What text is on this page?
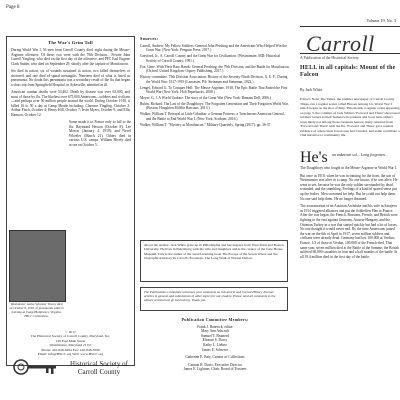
Page 8
The War's Grim Toll

During World War I, 56 men from Carroll County died, eight during the Meuse-Argonne offensive. Of these, two were with the 79th Division... Private John Carroll Yingling, who died on the first day of the offensive, and PFC Earl Eugene Clark Snider, who died on September 29, shortly after the capture of Montfaucon.

Six died in action, six of wounds sustained in action, two killed themselves or drowned, and one died of spinal meningitis. Nineteen died of what is listed as pneumonia. No doubt this pneumonia was a secondary result of the flu that began a short trip from Springfield Hospital, in Sykesville, admitted as ill.

American combat deaths were 53,402. Death by disease was over 63,000, and most of those by flu. The likeliest over 675,000 Americans—soldiers and civilians—and perhaps over 50 million people around the world. During October 1918, it killed 16 to 50 a day at Camp Meade including: Clarence Yingling, October 2; Arthur Finch, October 4; Henry Hill, October 7; Irvin Myers, October 9; and Ellis Harmon, October 12.

Some made it to France only to fall to the flu: Raymond Hesson (October 8); Lee Mercer (January 4, 1919); and Nevel Wheeler (March 21). Others died in various U.S. camps. William Hively died at sea on October 5.

Westminster native Sylvester Tracey died on October 6, 1918, of pneumonia while in training at Camp Humphreys, Virginia. HSCC Collections.
© 2017
The Historical Society of Carroll County, Maryland, Inc.
210 East Main Street
Westminster, Maryland 21157
Phone: 410-848-6494 Fax: 410-848-3596
Email: info@HSCC.org Web: www.HSCC.org
Historical Society of Carroll County
Sources:
Carroll, Andrew. My Fellow Soldiers: General John Pershing and the Americans Who Helped Win the Great War. (New York: Penguin Press, 2017.)
Grayford, Jr., A. Carroll County and the Great War for Civilization. (Westminster, MD: Historical Society of Carroll County, 1991.)
Fax, Gene. With Their Bare Hands: General Pershing, the 79th Division, and the Battle for Montfaucon. (Oxford, United Kingdom: Osprey Publishing, 2017.)
History committee. 79th Division Association. History of the Seventy-Ninth Division, A. E. F., During the World War: 1917-1919 (Lancaster, PA: Steinman and Steinman, 1922.)
Lengel, Edward G. To Conquer Hell: The Meuse-Argonne, 1918, The Epic Battle That Ended the First World War (New York: Holt Paperbacks, 2008.)
Meyer, G. J. A World Undone: The story of the Great War (New York: Bantam Dell, 2006.)
Rubin, Richard. The Last of the Doughboys: The Forgotten Generation and Their Forgotten World War. (Boston: Houghton Mifflin Harcourt, 2013.)
Walker, William T. Betrayal at Little Gibraltar: a German Fortress, a Treacherous American General, and the Battle to End World War I. (New York: Scribner, 2016.)
Walker, William T. "Mystery at Montfaucon." Military Quarterly, Spring (2017): pp. 36-37.
About the Author: Jack White grew up in Philadelphia and has degrees from West Point and Boston University. He lives in Eldersburg with his wife and daughters and is the curator of the Gate House Museum. Jack is the author of the award-winning book The Escape of the Seven Wives and the biographical history In Carroll's Footsteps, The Long Walk of Warren Dutton.
The Publications Committee welcomes your comments on this article and Carroll History Journal articles in general and submissions of other topics for our readers. Please send all comments to the editors at historical @ hsccmd.org. Thank you.
Publication Committee Members:
Frank J. Batavick, editor
Mary Ann Ashcraft
Samuel T. Brainerd
Eleanor S. Darcy
Kathy L. Liebno
James E. Schwerz
Catherine E. Baty, Curator of Collections
Cannon R. Davis, Executive Director
James E. Lightner, Chair, Board of Trustees
Volume 19, No. 3
Carroll
A Publication of the Historical Society
HELL in all capitals: Mount of the Falcon
By Jack White
Editor's Note: The Times, the premier newspaper of Carroll County Times, ran a regular series called Heroes Among Us. World War I which began on the first of May. This month, a regular event appearing on page 3, the columns of Jack White's 'Forward and There' showcased soldiers' letters to their hometown's patients and local men. Others were likely not among those fortunate heroes; many returned from 'Forward and There' with the flu. 'Forward and There' gave readers evidence of where their loved ones had traveled, and some contribute a vital narrative to community life.
He's $^{an unknown sol... Long forgotten...}$

The Doughboys who fought in the Meuse-Argonne in World War I.

But once in 1918, when he was in training for the front, the son of Westminster was alive in a camp. No one knows if he was alive. He went to see, because he was the only soldier surrounded by dead, wounded, and the stumbling. Feelings of a kind of spared sense put up the bodies. Men screamed for help. But he could not help them. No one said help them. He no longer dreamed.

The assassination of an Austrian Archduke and his wife in Sarajevo in 1914 triggered alliances and put the Schlieffen Plan to France. After the war began, the French, Russians, French, and British were fighting in the east against Germany, Austria-Hungary, and the Ottoman Turkey in a war that started quickly but had a lot of losses. No one thought it would never end. By the time Americans joined the war on the 6th of April in 1917, seven million soldiers and civilians were already dead. Germany had lost 100,000 at Verdun; France, 1/3 of those at Verdun, 100,000 of the French died. That same year, seven million died at the Battle of the Somme; the British suffered 60,000 casualties in four and a half months of the battle. In all 19.4 million died in the first day of the battle.
